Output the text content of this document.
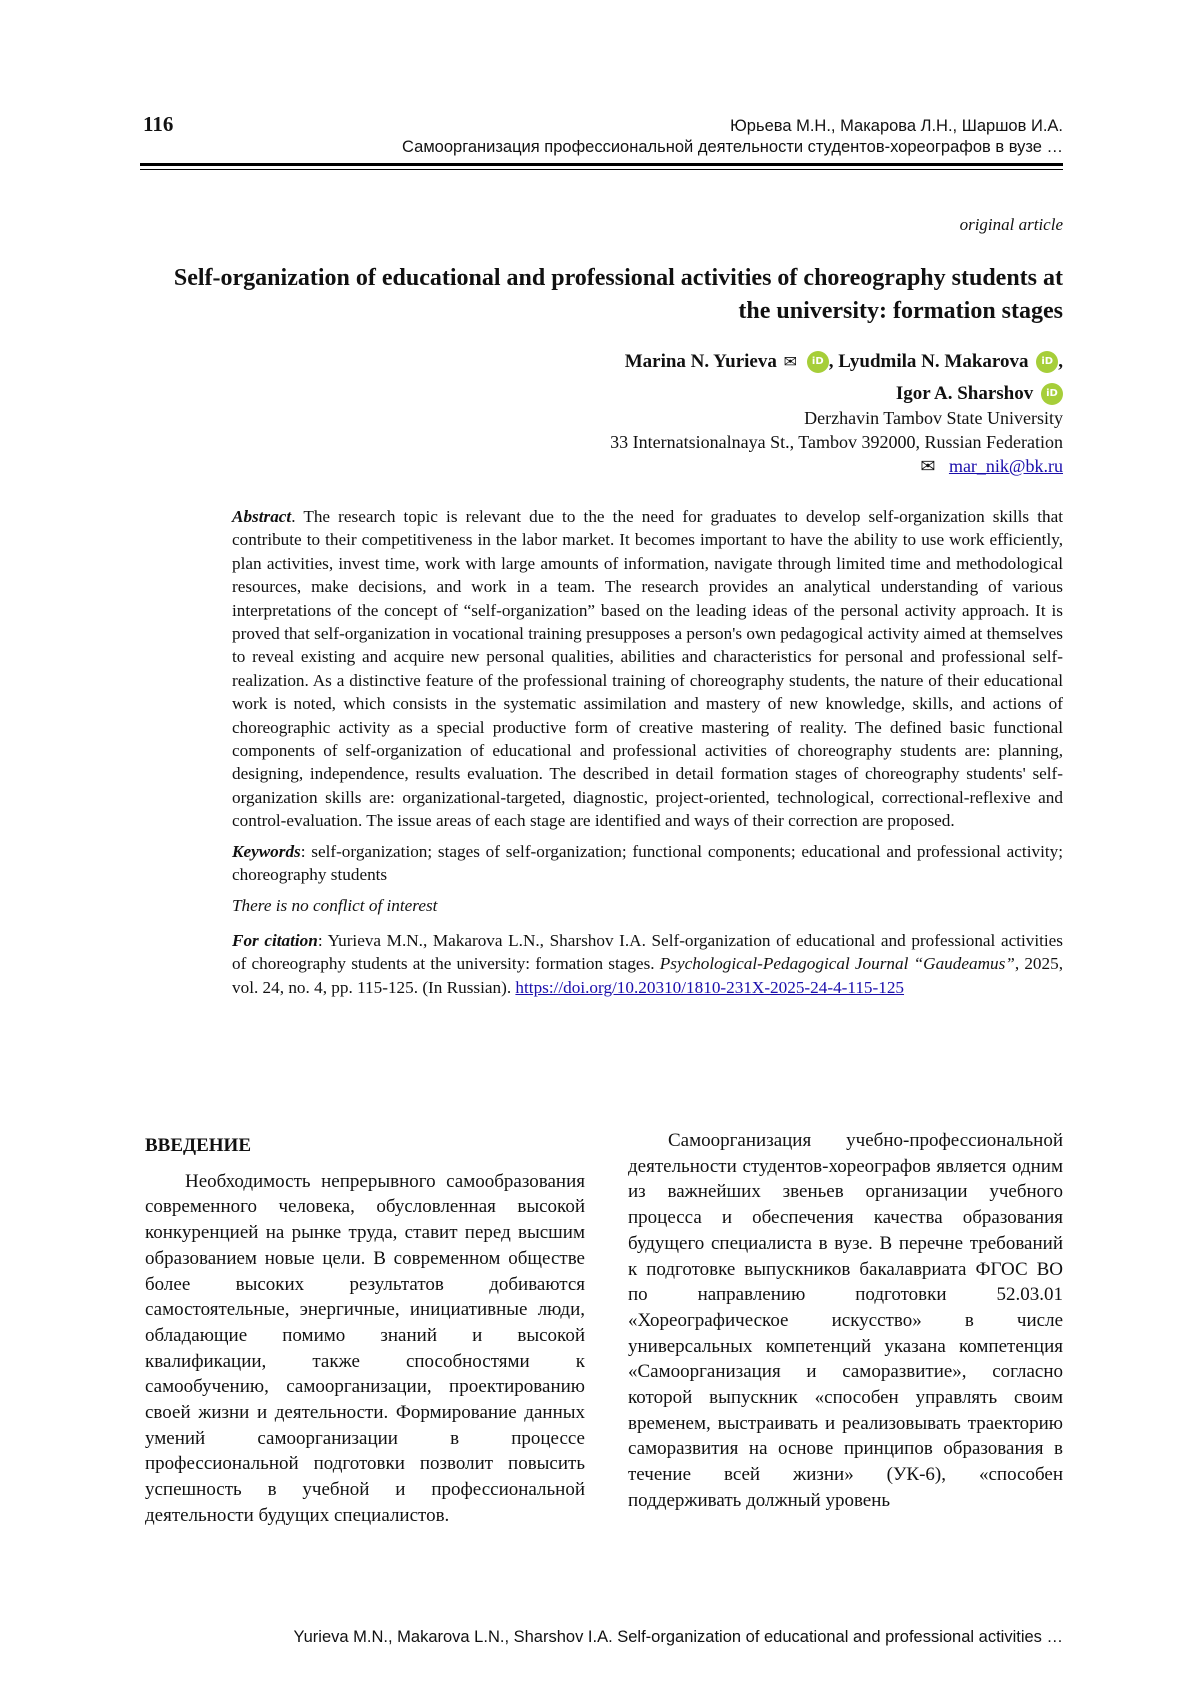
116	Юрьева М.Н., Макарова Л.Н., Шаршов И.А.
Самоорганизация профессиональной деятельности студентов-хореографов в вузе …
original article
Self-organization of educational and professional activities of choreography students at the university: formation stages
Marina N. Yurieva ✉ iD , Lyudmila N. Makarova iD ,
Igor A. Sharshov iD
Derzhavin Tambov State University
33 Internatsionalnaya St., Tambov 392000, Russian Federation
✉ mar_nik@bk.ru

Abstract. The research topic is relevant due to the the need for graduates to develop self-organization skills that contribute to their competitiveness in the labor market. It becomes important to have the ability to use work efficiently, plan activities, invest time, work with large amounts of information, navigate through limited time and methodological resources, make decisions, and work in a team. The research provides an analytical understanding of various interpretations of the concept of “self-organization” based on the leading ideas of the personal activity approach. It is proved that self-organization in vocational training presupposes a person's own pedagogical activity aimed at themselves to reveal existing and acquire new personal qualities, abilities and characteristics for personal and professional self-realization. As a distinctive feature of the professional training of choreography students, the nature of their educational work is noted, which consists in the systematic assimilation and mastery of new knowledge, skills, and actions of choreographic activity as a special productive form of creative mastering of reality. The defined basic functional components of self-organization of educational and professional activities of choreography students are: planning, designing, independence, results evaluation. The described in detail formation stages of choreography students' self-organization skills are: organizational-targeted, diagnostic, project-oriented, technological, correctional-reflexive and control-evaluation. The issue areas of each stage are identified and ways of their correction are proposed.

Keywords: self-organization; stages of self-organization; functional components; educational and professional activity; choreography students

There is no conflict of interest

For citation: Yurieva M.N., Makarova L.N., Sharshov I.A. Self-organization of educational and professional activities of choreography students at the university: formation stages. Psychological-Pedagogical Journal “Gaudeamus”, 2025, vol. 24, no. 4, pp. 115-125. (In Russian). https://doi.org/10.20310/1810-231X-2025-24-4-115-125

ВВЕДЕНИЕ

Необходимость непрерывного самообразования современного человека, обусловленная высокой конкуренцией на рынке труда, ставит перед высшим образованием новые цели. В современном обществе более высоких результатов добиваются самостоятельные, энергичные, инициативные люди, обладающие помимо знаний и высокой квалификации, также способностями к самообучению, самоорганизации, проектированию своей жизни и деятельности. Формирование данных умений самоорганизации в процессе профессиональной подготовки позволит повысить успешность в учебной и профессиональной деятельности будущих специалистов.

Самоорганизация учебно-профессиональной деятельности студентов-хореографов является одним из важнейших звеньев организации учебного процесса и обеспечения качества образования будущего специалиста в вузе. В перечне требований к подготовке выпускников бакалавриата ФГОС ВО по направлению подготовки 52.03.01 «Хореографическое искусство» в числе универсальных компетенций указана компетенция «Самоорганизация и саморазвитие», согласно которой выпускник «способен управлять своим временем, выстраивать и реализовывать траекторию саморазвития на основе принципов образования в течение всей жизни» (УК-6), «способен поддерживать должный уровень

Yurieva M.N., Makarova L.N., Sharshov I.A. Self-organization of educational and professional activities …
